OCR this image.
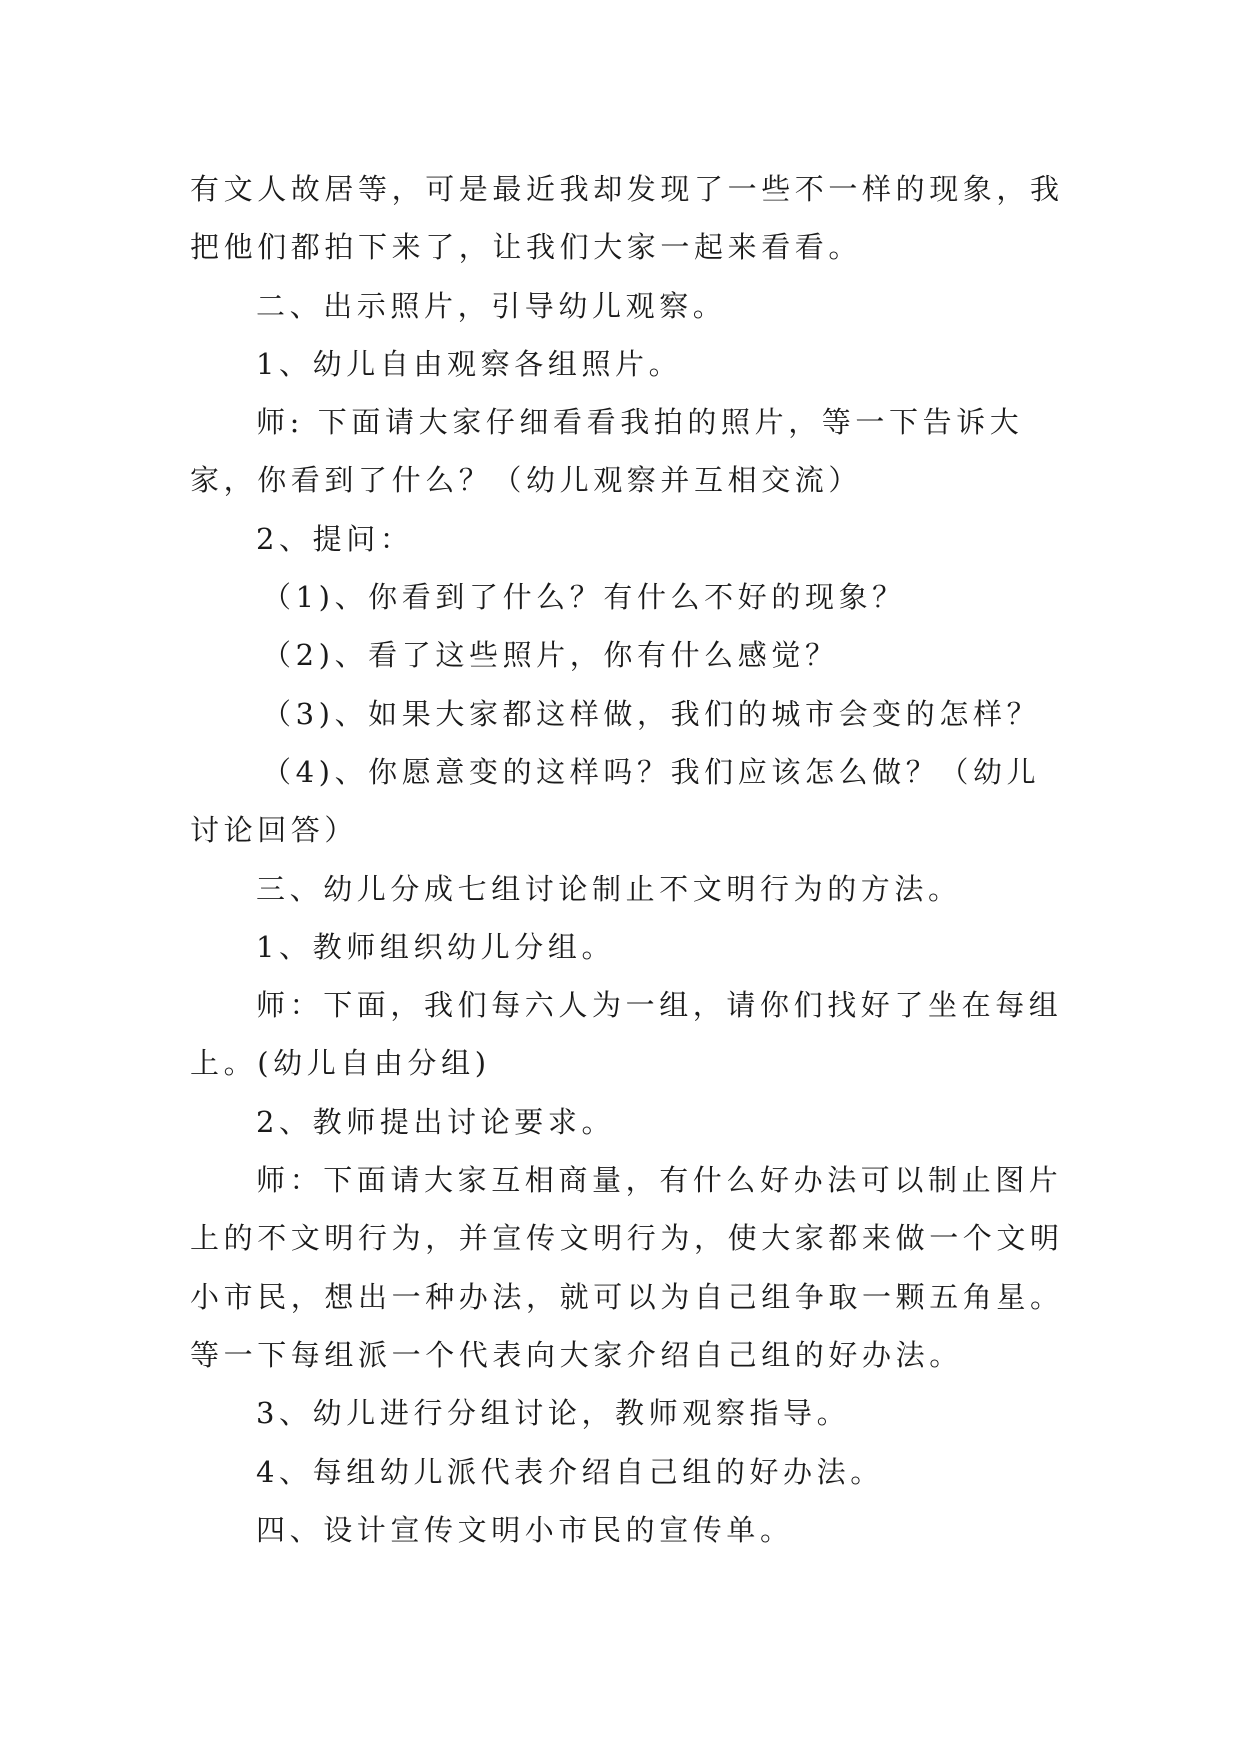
有文人故居等，可是最近我却发现了一些不一样的现象，我把他们都拍下来了，让我们大家一起来看看。

二、出示照片，引导幼儿观察。

1、幼儿自由观察各组照片。

师: 下面请大家仔细看看我拍的照片，等一下告诉大家，你看到了什么？（幼儿观察并互相交流）

2、提问：

（1)、你看到了什么？有什么不好的现象？

（2)、看了这些照片，你有什么感觉？

（3)、如果大家都这样做，我们的城市会变的怎样？

（4)、你愿意变的这样吗？我们应该怎么做？（幼儿讨论回答）

三、幼儿分成七组讨论制止不文明行为的方法。

1、教师组织幼儿分组。

师：下面，我们每六人为一组，请你们找好了坐在每组上。(幼儿自由分组)

2、教师提出讨论要求。

师：下面请大家互相商量，有什么好办法可以制止图片上的不文明行为，并宣传文明行为，使大家都来做一个文明小市民，想出一种办法，就可以为自己组争取一颗五角星。等一下每组派一个代表向大家介绍自己组的好办法。

3、幼儿进行分组讨论，教师观察指导。

4、每组幼儿派代表介绍自己组的好办法。

四、设计宣传文明小市民的宣传单。
